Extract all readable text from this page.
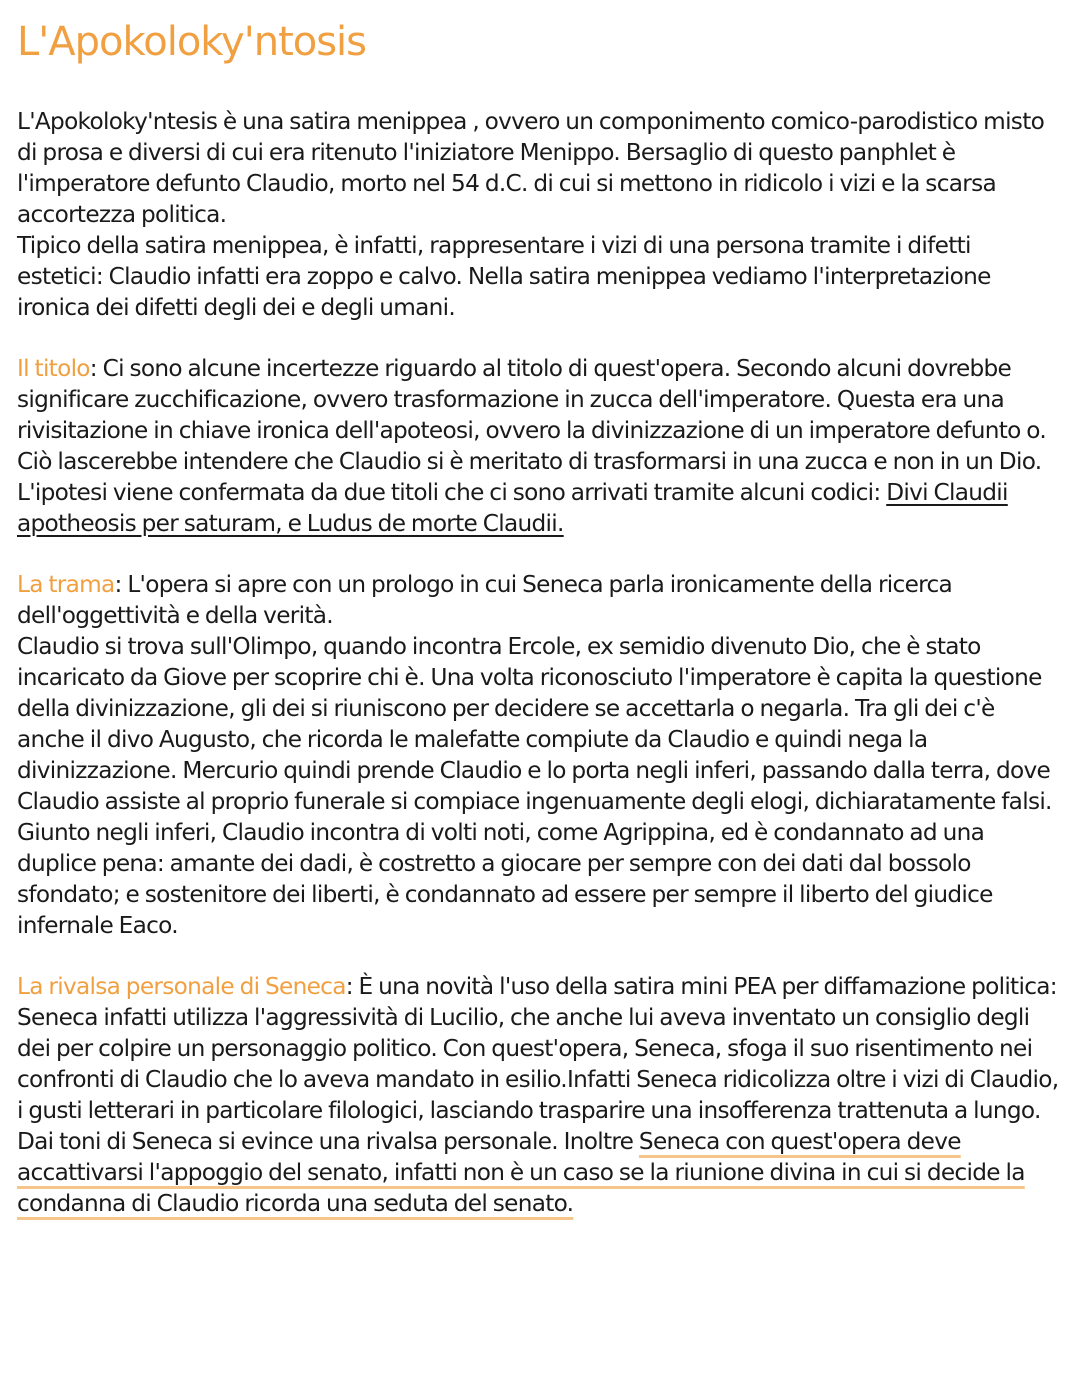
L'Apokoloky'ntosis

L'Apokoloky'ntesis è una satira menippea , ovvero un componimento comico-parodistico misto di prosa e diversi di cui era ritenuto l'iniziatore Menippo. Bersaglio di questo panphlet è l'imperatore defunto Claudio, morto nel 54 d.C. di cui si mettono in ridicolo i vizi e la scarsa accortezza politica.

Tipico della satira menippea, è infatti, rappresentare i vizi di una persona tramite i difetti estetici: Claudio infatti era zoppo e calvo. Nella satira menippea vediamo l'interpretazione ironica dei difetti degli dei e degli umani.

Il titolo: Ci sono alcune incertezze riguardo al titolo di quest'opera. Secondo alcuni dovrebbe significare zucchificazione, ovvero trasformazione in zucca dell'imperatore. Questa era una rivisitazione in chiave ironica dell'apoteosi, ovvero la divinizzazione di un imperatore defunto o. Ciò lascerebbe intendere che Claudio si è meritato di trasformarsi in una zucca e non in un Dio. L'ipotesi viene confermata da due titoli che ci sono arrivati tramite alcuni codici: Divi Claudii apotheosis per saturam, e Ludus de morte Claudii.

La trama: L'opera si apre con un prologo in cui Seneca parla ironicamente della ricerca dell'oggettività e della verità.

Claudio si trova sull'Olimpo, quando incontra Ercole, ex semidio divenuto Dio, che è stato incaricato da Giove per scoprire chi è. Una volta riconosciuto l'imperatore è capita la questione della divinizzazione, gli dei si riuniscono per decidere se accettarla o negarla. Tra gli dei c'è anche il divo Augusto, che ricorda le malefatte compiute da Claudio e quindi nega la divinizzazione. Mercurio quindi prende Claudio e lo porta negli inferi, passando dalla terra, dove Claudio assiste al proprio funerale si compiace ingenuamente degli elogi, dichiaratamente falsi.

Giunto negli inferi, Claudio incontra di volti noti, come Agrippina, ed è condannato ad una duplice pena: amante dei dadi, è costretto a giocare per sempre con dei dati dal bossolo sfondato; e sostenitore dei liberti, è condannato ad essere per sempre il liberto del giudice infernale Eaco.

La rivalsa personale di Seneca: È una novità l'uso della satira mini PEA per diffamazione politica: Seneca infatti utilizza l'aggressività di Lucilio, che anche lui aveva inventato un consiglio degli dei per colpire un personaggio politico. Con quest'opera, Seneca, sfoga il suo risentimento nei confronti di Claudio che lo aveva mandato in esilio.Infatti Seneca ridicolizza oltre i vizi di Claudio, i gusti letterari in particolare filologici, lasciando trasparire una insofferenza trattenuta a lungo. Dai toni di Seneca si evince una rivalsa personale. Inoltre Seneca con quest'opera deve accattivarsi l'appoggio del senato, infatti non è un caso se la riunione divina in cui si decide la condanna di Claudio ricorda una seduta del senato.
